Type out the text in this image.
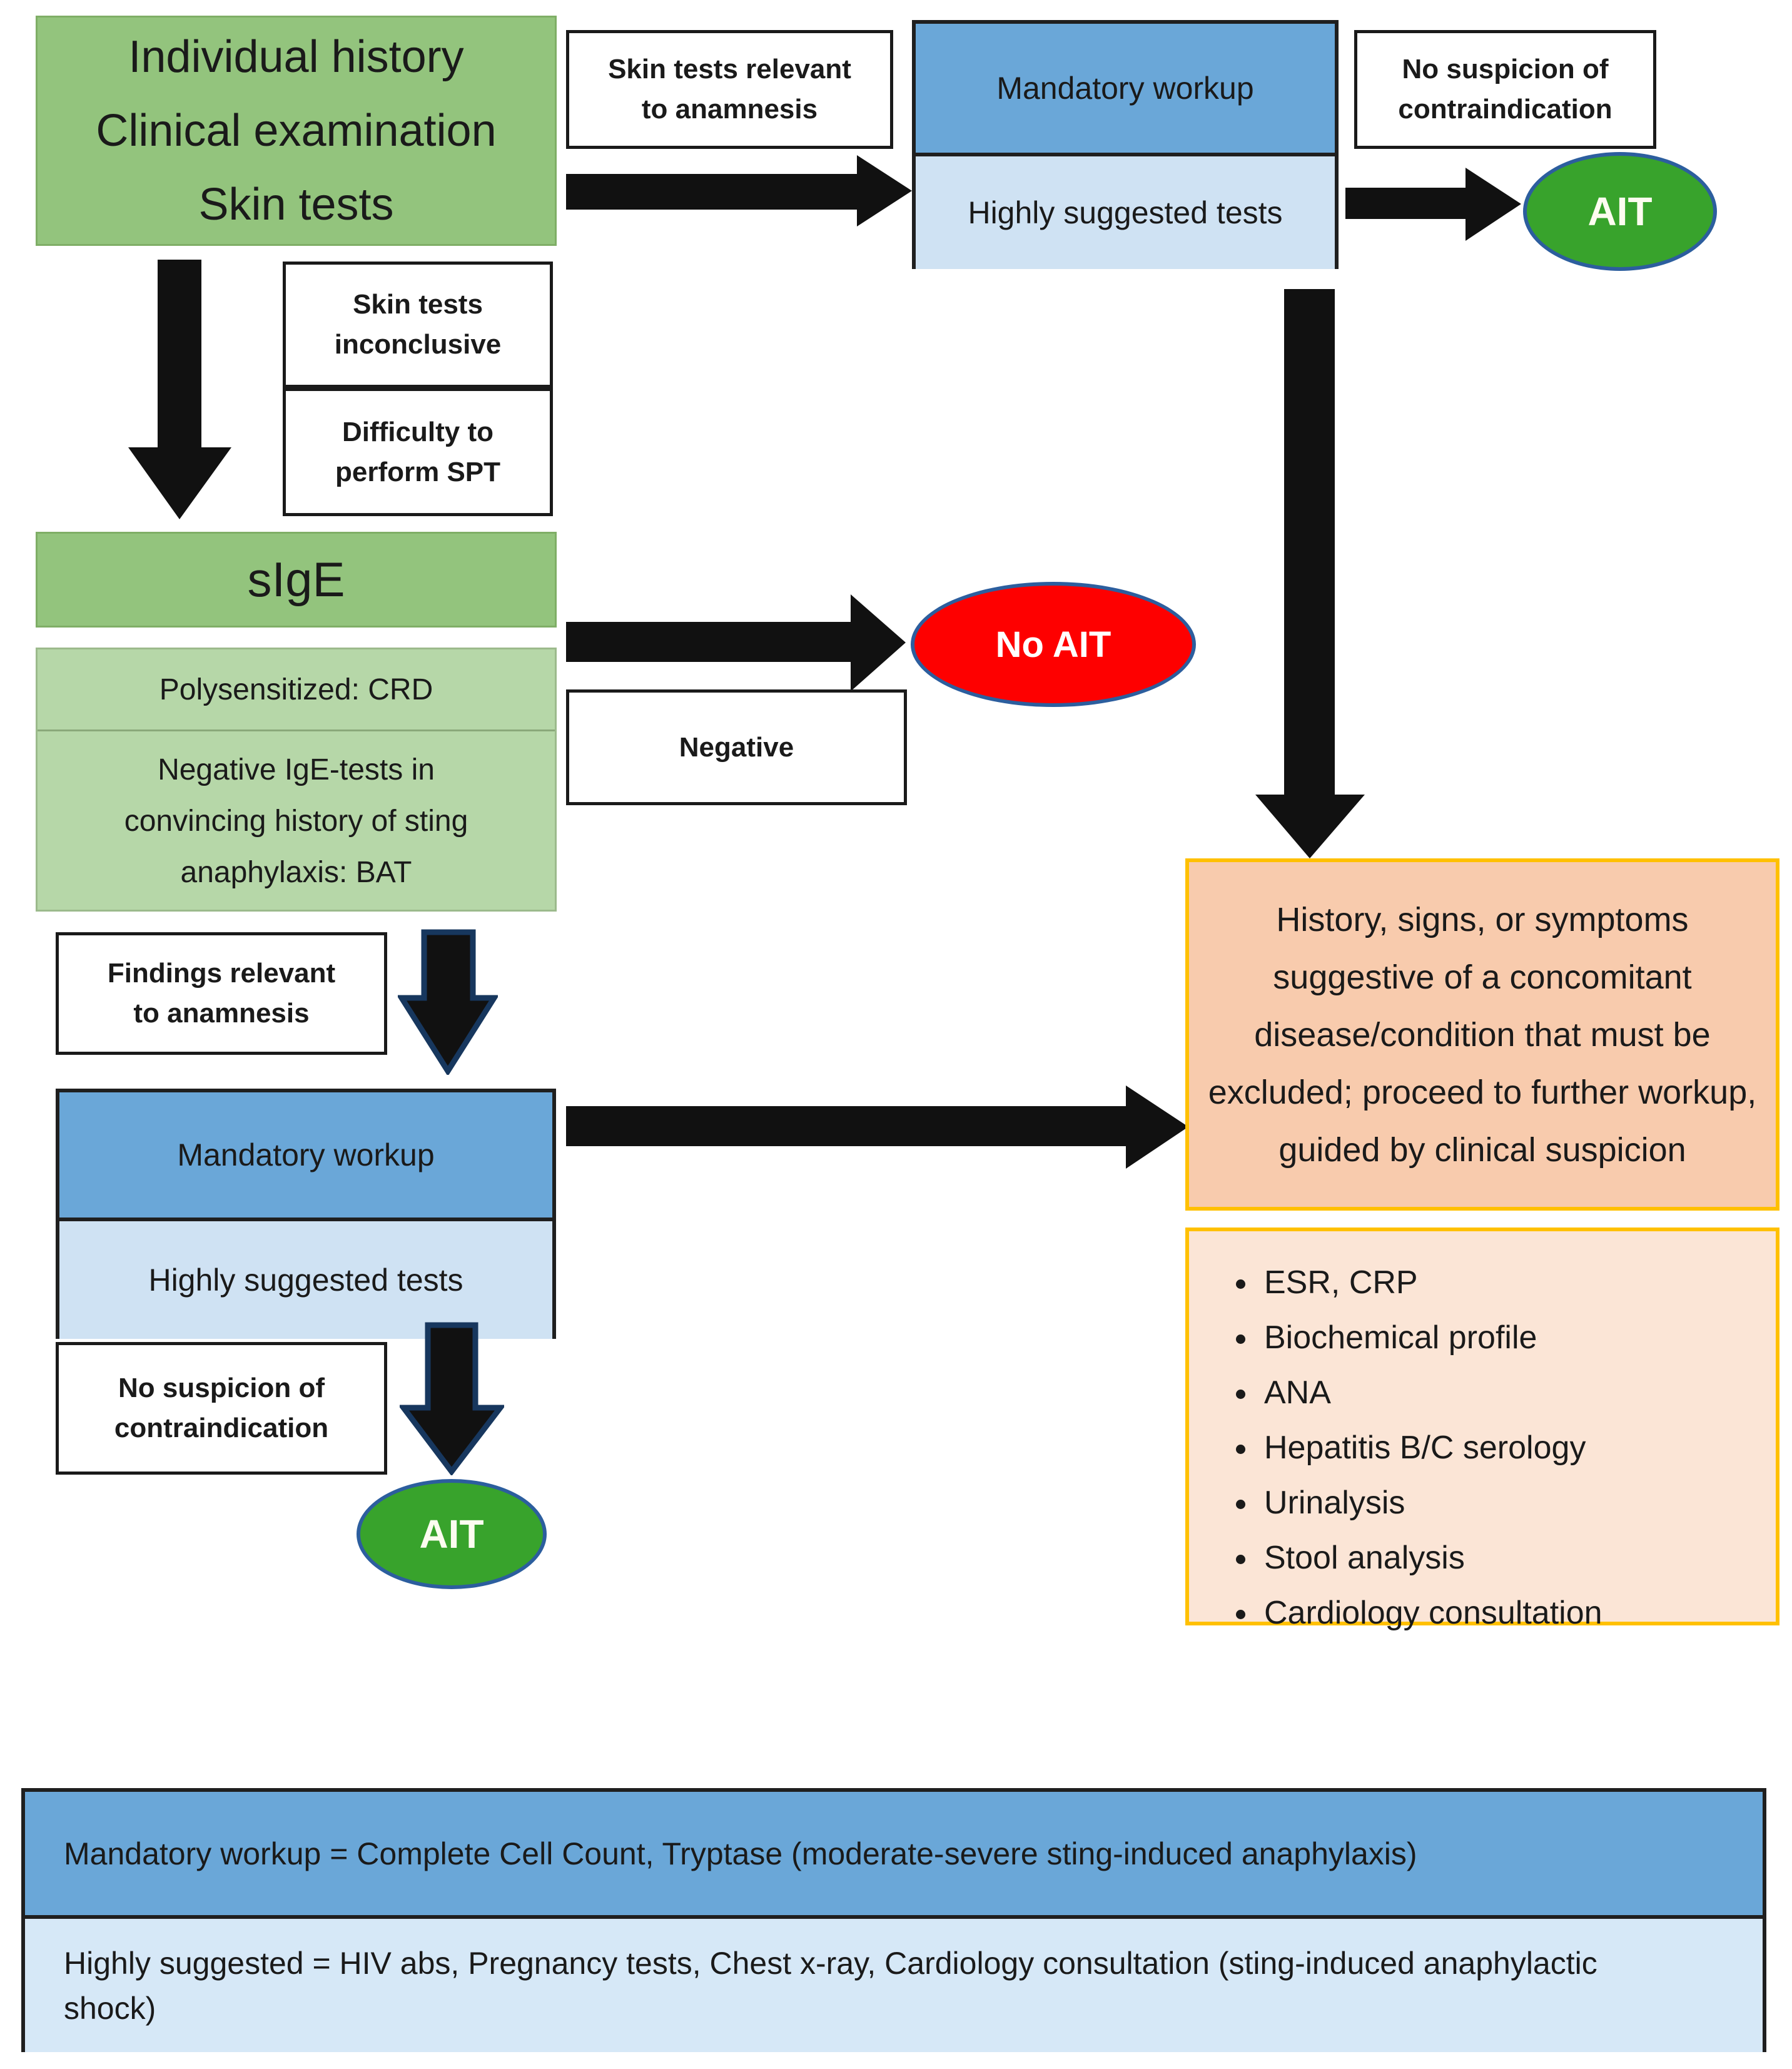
Individual history
Clinical examination
Skin tests
Skin tests
inconclusive
Difficulty to
perform SPT
Skin tests relevant
to anamnesis
Mandatory workup
Highly suggested tests
No suspicion of
contraindication
AIT
sIgE
Polysensitized: CRD
Negative IgE-tests in
convincing history of sting
anaphylaxis: BAT
No AIT
Negative
Findings relevant
to anamnesis
Mandatory workup
Highly suggested tests
No suspicion of
contraindication
AIT
History, signs, or symptoms suggestive of a concomitant disease/condition that must be excluded; proceed to further workup, guided by clinical suspicion
• ESR, CRP
• Biochemical profile
• ANA
• Hepatitis B/C serology
• Urinalysis
• Stool analysis
• Cardiology consultation
Mandatory workup = Complete Cell Count, Tryptase (moderate-severe sting-induced anaphylaxis)
Highly suggested = HIV abs, Pregnancy tests, Chest x-ray, Cardiology consultation (sting-induced anaphylactic shock)
